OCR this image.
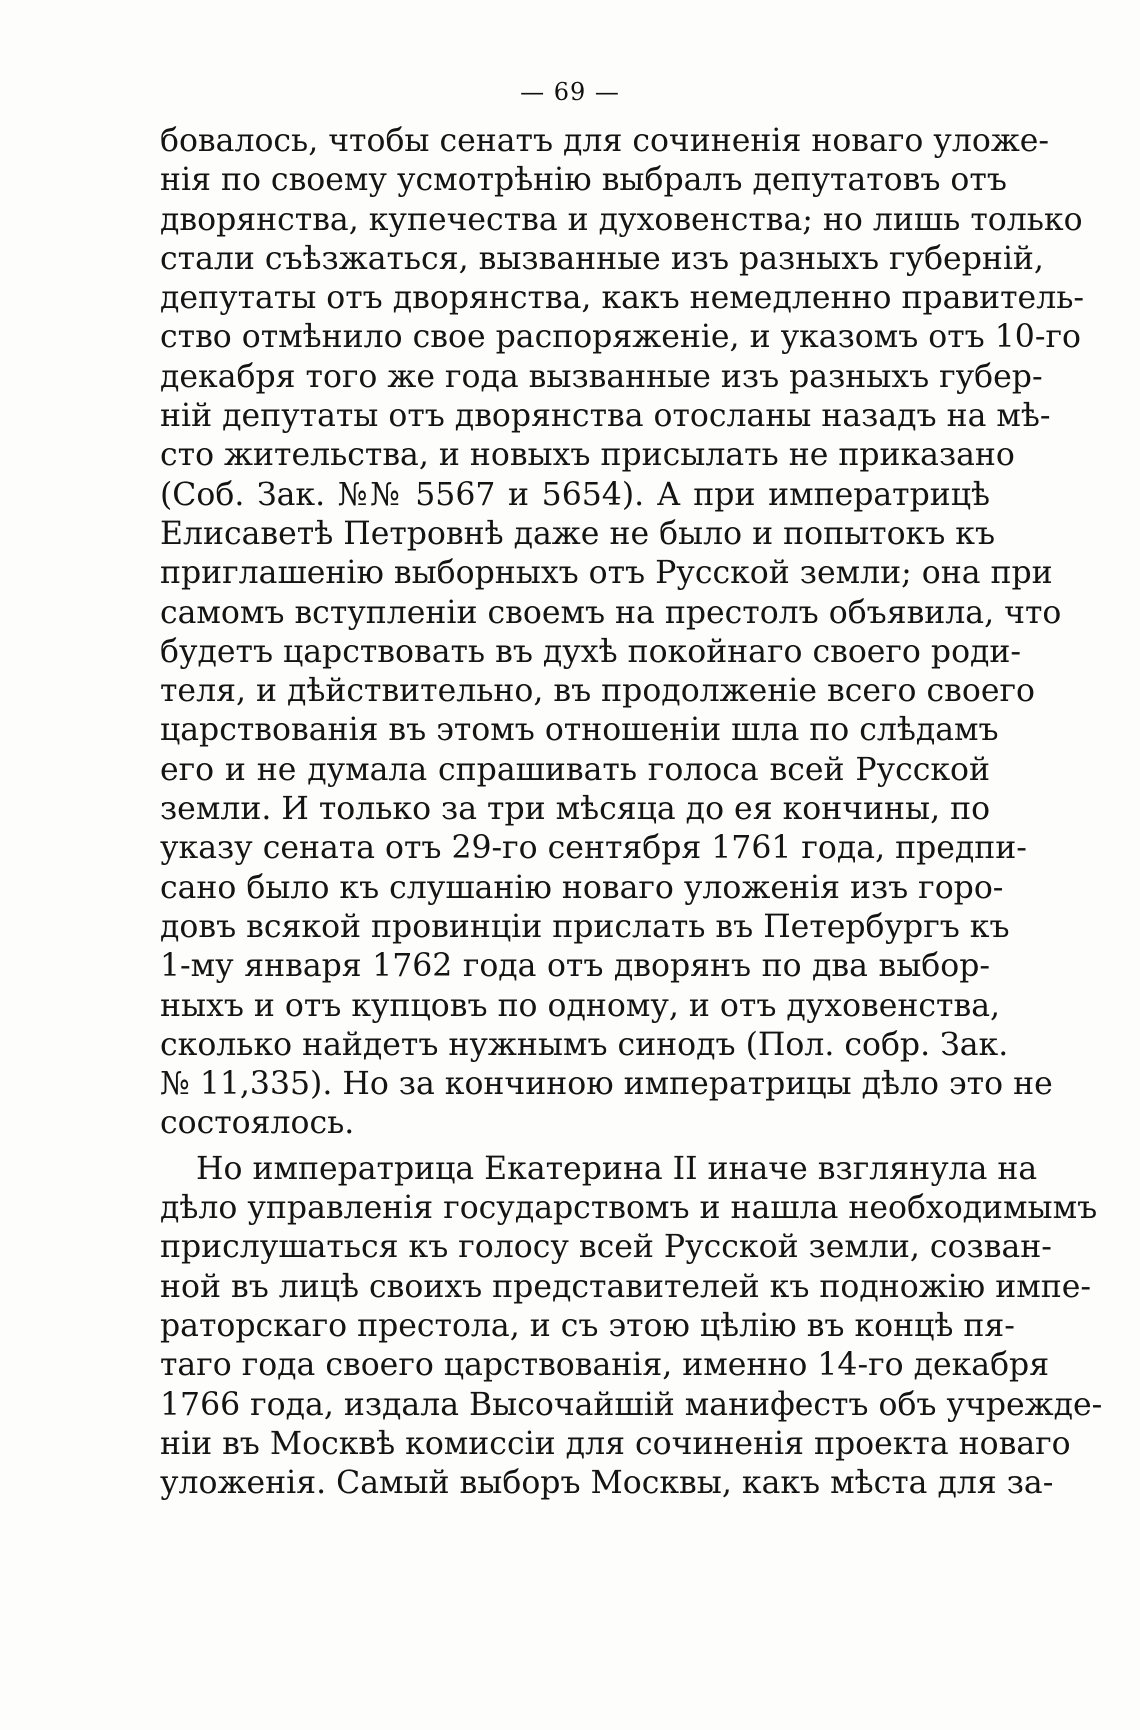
— 69 —
бовалось, чтобы сенатъ для сочиненія новаго уложе-
нія по своему усмотрѣнію выбралъ депутатовъ отъ
дворянства, купечества и духовенства; но лишь только
стали съѣзжаться, вызванные изъ разныхъ губерній,
депутаты отъ дворянства, какъ немедленно правитель-
ство отмѣнило свое распоряженіе, и указомъ отъ 10-го
декабря того же года вызванные изъ разныхъ губер-
ній депутаты отъ дворянства отосланы назадъ на мѣ-
сто жительства, и новыхъ присылать не приказано
(Соб. Зак. №№ 5567 и 5654). А при императрицѣ
Елисаветѣ Петровнѣ даже не было и попытокъ къ
приглашенію выборныхъ отъ Русской земли; она при
самомъ вступленіи своемъ на престолъ объявила, что
будетъ царствовать въ духѣ покойнаго своего роди-
теля, и дѣйствительно, въ продолженіе всего своего
царствованія въ этомъ отношеніи шла по слѣдамъ
его и не думала спрашивать голоса всей Русской
земли. И только за три мѣсяца до ея кончины, по
указу сената отъ 29-го сентября 1761 года, предпи-
сано было къ слушанію новаго уложенія изъ горо-
довъ всякой провинціи прислать въ Петербургъ къ
1-му января 1762 года отъ дворянъ по два выбор-
ныхъ и отъ купцовъ по одному, и отъ духовенства,
сколько найдетъ нужнымъ синодъ (Пол. собр. Зак.
№ 11,335). Но за кончиною императрицы дѣло это не
состоялось.
Но императрица Екатерина II иначе взглянула на
дѣло управленія государствомъ и нашла необходимымъ
прислушаться къ голосу всей Русской земли, созван-
ной въ лицѣ своихъ представителей къ подножію импе-
раторскаго престола, и съ этою цѣлію въ концѣ пя-
таго года своего царствованія, именно 14-го декабря
1766 года, издала Высочайшій манифестъ объ учрежде-
ніи въ Москвѣ комиссіи для сочиненія проекта новаго
уложенія. Самый выборъ Москвы, какъ мѣста для за-
